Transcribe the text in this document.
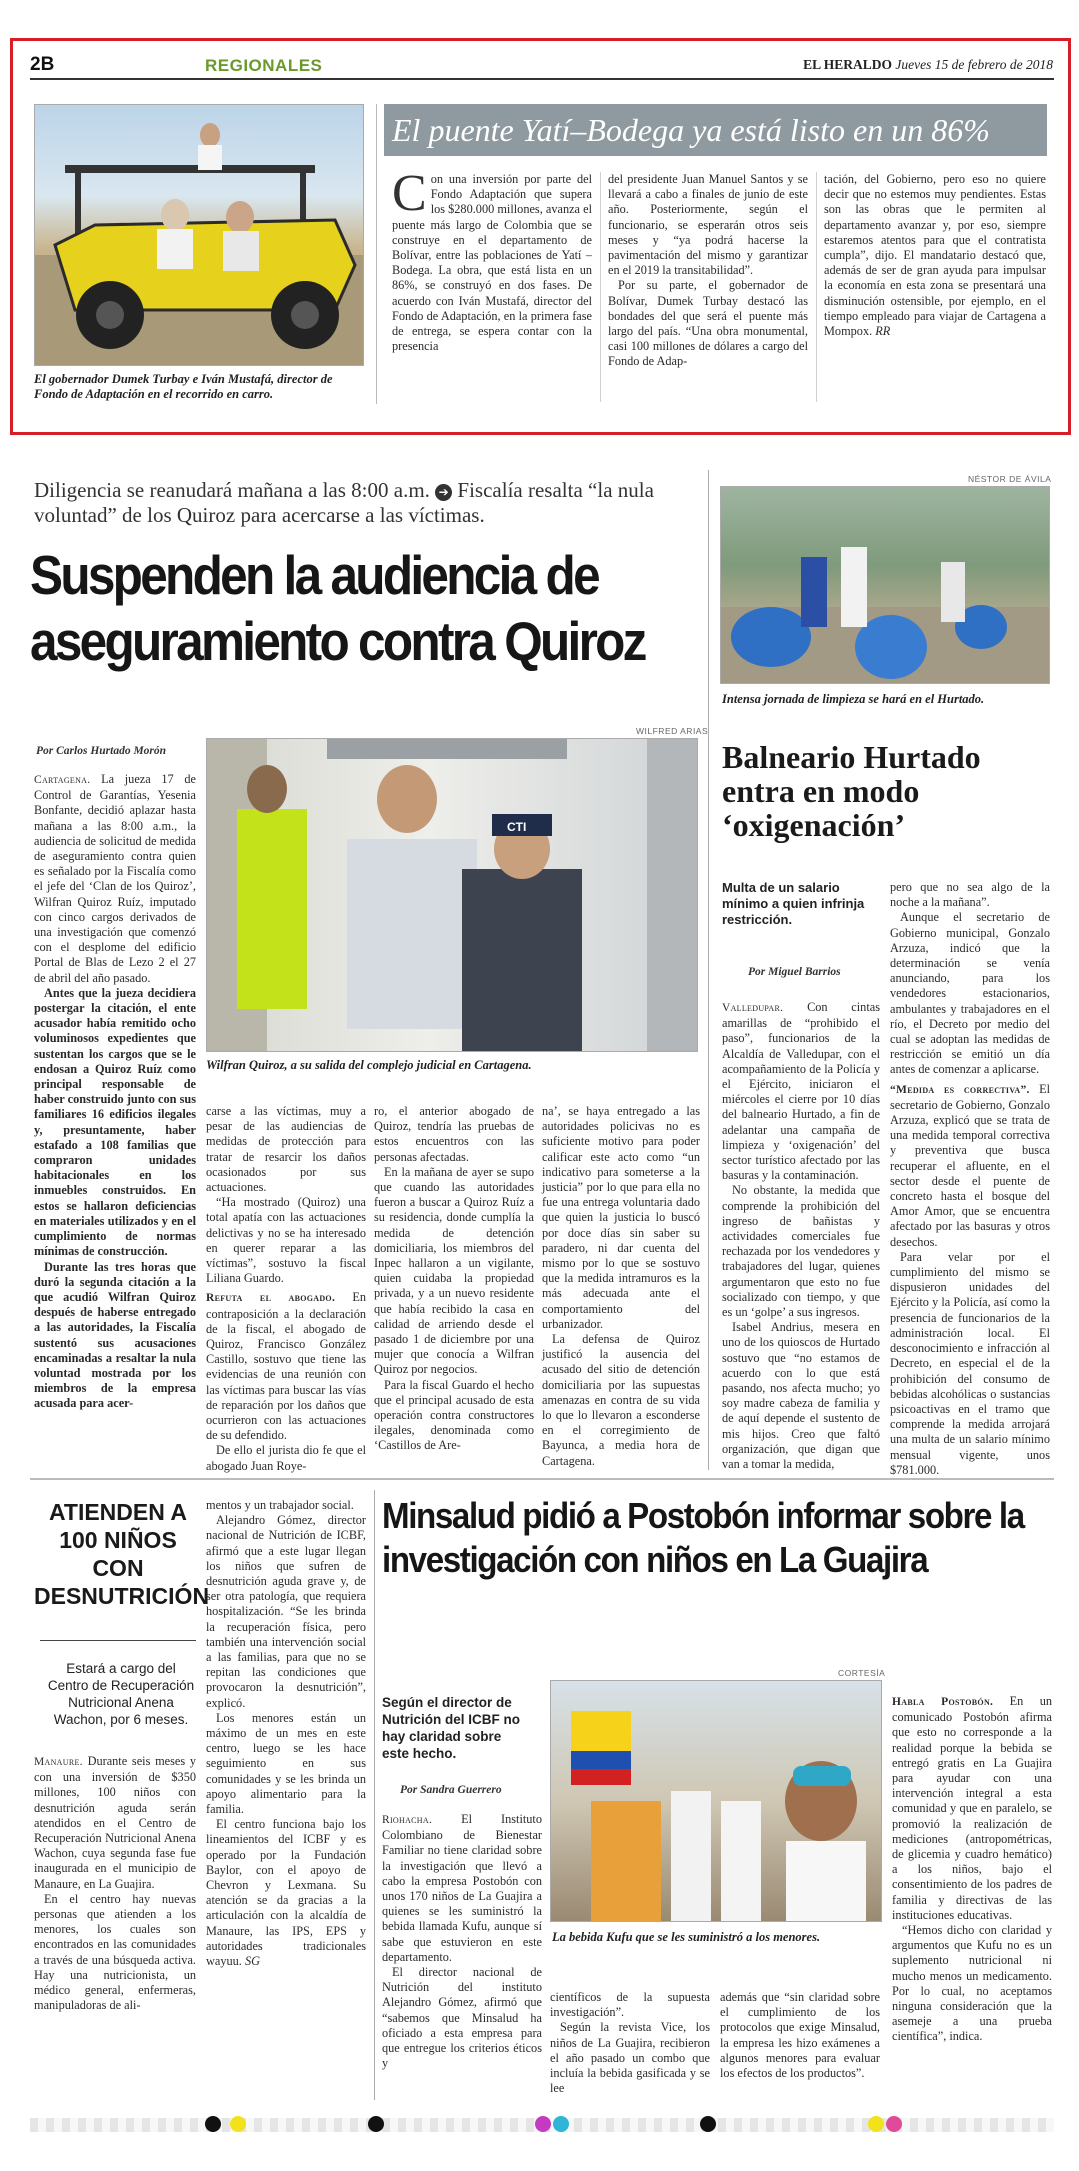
2B	REGIONALES	EL HERALDO Jueves 15 de febrero de 2018
El gobernador Dumek Turbay e Iván Mustafá, director de Fondo de Adaptación en el recorrido en carro.
El puente Yatí–Bodega ya está listo en un 86%
C on una inversión por parte del Fondo Adaptación que supera los $280.000 millones, avanza el puente más largo de Colombia que se construye en el departamento de Bolívar, entre las poblaciones de Yatí – Bodega. La obra, que está lista en un 86%, se construyó en dos fases. De acuerdo con Iván Mustafá, director del Fondo de Adaptación, en la primera fase de entrega, se espera contar con la presencia

del presidente Juan Manuel Santos y se llevará a cabo a finales de junio de este año. Posteriormente, según el funcionario, se esperarán otros seis meses y “ya podrá hacerse la pavimentación del mismo y garantizar en el 2019 la transitabilidad”.

Por su parte, el gobernador de Bolívar, Dumek Turbay destacó las bondades del que será el puente más largo del país. “Una obra monumental, casi 100 millones de dólares a cargo del Fondo de Adap-

tación, del Gobierno, pero eso no quiere decir que no estemos muy pendientes. Estas son las obras que le permiten al departamento avanzar y, por eso, siempre estaremos atentos para que el contratista cumpla”, dijo. El mandatario destacó que, además de ser de gran ayuda para impulsar la economía en esta zona se presentará una disminución ostensible, por ejemplo, en el tiempo empleado para viajar de Cartagena a Mompox. RR
Diligencia se reanudará mañana a las 8:00 a.m. ➔ Fiscalía resalta “la nula voluntad” de los Quiroz para acercarse a las víctimas.
Suspenden la audiencia de aseguramiento contra Quiroz
WILFRED ARIAS
CTI
Wilfran Quiroz, a su salida del complejo judicial en Cartagena.
Por Carlos Hurtado Morón

Cartagena. La jueza 17 de Control de Garantías, Yesenia Bonfante, decidió aplazar hasta mañana a las 8:00 a.m., la audiencia de solicitud de medida de aseguramiento contra quien es señalado por la Fiscalía como el jefe del ‘Clan de los Quiroz’, Wilfran Quiroz Ruíz, imputado con cinco cargos derivados de una investigación que comenzó con el desplome del edificio Portal de Blas de Lezo 2 el 27 de abril del año pasado.

Antes que la jueza decidiera postergar la citación, el ente acusador había remitido ocho voluminosos expedientes que sustentan los cargos que se le endosan a Quiroz Ruíz como principal responsable de haber construido junto con sus familiares 16 edificios ilegales y, presuntamente, haber estafado a 108 familias que compraron unidades habitacionales en los inmuebles construidos. En estos se hallaron deficiencias en materiales utilizados y en el cumplimiento de normas mínimas de construcción.

Durante las tres horas que duró la segunda citación a la que acudió Wilfran Quiroz después de haberse entregado a las autoridades, la Fiscalía sustentó sus acusaciones encaminadas a resaltar la nula voluntad mostrada por los miembros de la empresa acusada para acer-

carse a las víctimas, muy a pesar de las audiencias de medidas de protección para tratar de resarcir los daños ocasionados por sus actuaciones.

“Ha mostrado (Quiroz) una total apatía con las actuaciones delictivas y no se ha interesado en querer reparar a las víctimas”, sostuvo la fiscal Liliana Guardo.

Refuta el abogado. En contraposición a la declaración de la fiscal, el abogado de Quiroz, Francisco González Castillo, sostuvo que tiene las evidencias de una reunión con las víctimas para buscar las vías de reparación por los daños que ocurrieron con las actuaciones de su defendido.

De ello el jurista dio fe que el abogado Juan Roye-

ro, el anterior abogado de Quiroz, tendría las pruebas de estos encuentros con las personas afectadas.

En la mañana de ayer se supo que cuando las autoridades fueron a buscar a Quiroz Ruíz a su residencia, donde cumplía la medida de detención domiciliaria, los miembros del Inpec hallaron a un vigilante, quien cuidaba la propiedad privada, y a un nuevo residente que había recibido la casa en calidad de arriendo desde el pasado 1 de diciembre por una mujer que conocía a Wilfran Quiroz por negocios.

Para la fiscal Guardo el hecho que el principal acusado de esta operación contra constructores ilegales, denominada como ‘Castillos de Are-

na’, se haya entregado a las autoridades policivas no es suficiente motivo para poder calificar este acto como “un indicativo para someterse a la justicia” por lo que para ella no fue una entrega voluntaria dado que quien la justicia lo buscó por doce días sin saber su paradero, ni dar cuenta del mismo por lo que se sostuvo que la medida intramuros es la más adecuada ante el comportamiento del urbanizador.

La defensa de Quiroz justificó la ausencia del acusado del sitio de detención domiciliaria por las supuestas amenazas en contra de su vida lo que lo llevaron a esconderse en el corregimiento de Bayunca, a media hora de Cartagena.

NÉSTOR DE ÁVILA
Intensa jornada de limpieza se hará en el Hurtado.
Balneario Hurtado entra en modo ‘oxigenación’
Multa de un salario mínimo a quien infrinja restricción.
Por Miguel Barrios

Valledupar. Con cintas amarillas de “prohibido el paso”, funcionarios de la Alcaldía de Valledupar, con el acompañamiento de la Policía y el Ejército, iniciaron el miércoles el cierre por 10 días del balneario Hurtado, a fin de adelantar una campaña de limpieza y ‘oxigenación’ del sector turístico afectado por las basuras y la contaminación.

No obstante, la medida que comprende la prohibición del ingreso de bañistas y actividades comerciales fue rechazada por los vendedores y trabajadores del lugar, quienes argumentaron que esto no fue socializado con tiempo, y que es un ‘golpe’ a sus ingresos.

Isabel Andrius, mesera en uno de los quioscos de Hurtado sostuvo que “no estamos de acuerdo con lo que está pasando, nos afecta mucho; yo soy madre cabeza de familia y de aquí depende el sustento de mis hijos. Creo que faltó organización, que digan que van a tomar la medida,

pero que no sea algo de la noche a la mañana”.

Aunque el secretario de Gobierno municipal, Gonzalo Arzuza, indicó que la determinación se venía anunciando, para los vendedores estacionarios, ambulantes y trabajadores en el río, el Decreto por medio del cual se adoptan las medidas de restricción se emitió un día antes de comenzar a aplicarse.

“Medida es correctiva”. El secretario de Gobierno, Gonzalo Arzuza, explicó que se trata de una medida temporal correctiva y preventiva que busca recuperar el afluente, en el sector desde el puente de concreto hasta el bosque del Amor Amor, que se encuentra afectado por las basuras y otros desechos.

Para velar por el cumplimiento del mismo se dispusieron unidades del Ejército y la Policía, así como la presencia de funcionarios de la administración local. El desconocimiento e infracción al Decreto, en especial el de la prohibición del consumo de bebidas alcohólicas o sustancias psicoactivas en el tramo que comprende la medida arrojará una multa de un salario mínimo mensual vigente, unos $781.000.

ATIENDEN A 100 NIÑOS CON DESNUTRICIÓN
Estará a cargo del Centro de Recuperación Nutricional Anena Wachon, por 6 meses.

Manaure. Durante seis meses y con una inversión de $350 millones, 100 niños con desnutrición aguda serán atendidos en el Centro de Recuperación Nutricional Anena Wachon, cuya segunda fase fue inaugurada en el municipio de Manaure, en La Guajira.

En el centro hay nuevas personas que atienden a los menores, los cuales son encontrados en las comunidades a través de una búsqueda activa. Hay una nutricionista, un médico general, enfermeras, manipuladoras de ali-

mentos y un trabajador social.

Alejandro Gómez, director nacional de Nutrición de ICBF, afirmó que a este lugar llegan los niños que sufren de desnutrición aguda grave y, de ser otra patología, que requiera hospitalización. “Se les brinda la recuperación física, pero también una intervención social a las familias, para que no se repitan las condiciones que provocaron la desnutrición”, explicó.

Los menores están un máximo de un mes en este centro, luego se les hace seguimiento en sus comunidades y se les brinda un apoyo alimentario para la familia.

El centro funciona bajo los lineamientos del ICBF y es operado por la Fundación Baylor, con el apoyo de Chevron y Lexmana. Su atención se da gracias a la articulación con la alcaldía de Manaure, las IPS, EPS y autoridades tradicionales wayuu. SG

Minsalud pidió a Postobón informar sobre la investigación con niños en La Guajira
Según el director de Nutrición del ICBF no hay claridad sobre este hecho.
Por Sandra Guerrero

Riohacha. El Instituto Colombiano de Bienestar Familiar no tiene claridad sobre la investigación que llevó a cabo la empresa Postobón con unos 170 niños de La Guajira a quienes se les suministró la bebida llamada Kufu, aunque sí sabe que estuvieron en este departamento.

El director nacional de Nutrición del instituto Alejandro Gómez, afirmó que “sabemos que Minsalud ha oficiado a esta empresa para que entregue los criterios éticos y

CORTESÍA
La bebida Kufu que se les suministró a los menores.

científicos de la supuesta investigación”.

Según la revista Vice, los niños de La Guajira, recibieron el año pasado un combo que incluía la bebida gasificada y se lee

además que “sin claridad sobre el cumplimiento de los protocolos que exige Minsalud, la empresa les hizo exámenes a algunos menores para evaluar los efectos de los productos”.

Habla Postobón. En un comunicado Postobón afirma que esto no corresponde a la realidad porque la bebida se entregó gratis en La Guajira para ayudar con una intervención integral a esta comunidad y que en paralelo, se promovió la realización de mediciones (antropométricas, de glicemia y cuadro hemático) a los niños, bajo el consentimiento de los padres de familia y directivas de las instituciones educativas.

“Hemos dicho con claridad y argumentos que Kufu no es un suplemento nutricional ni mucho menos un medicamento. Por lo cual, no aceptamos ninguna consideración que la asemeje a una prueba científica”, indica.
